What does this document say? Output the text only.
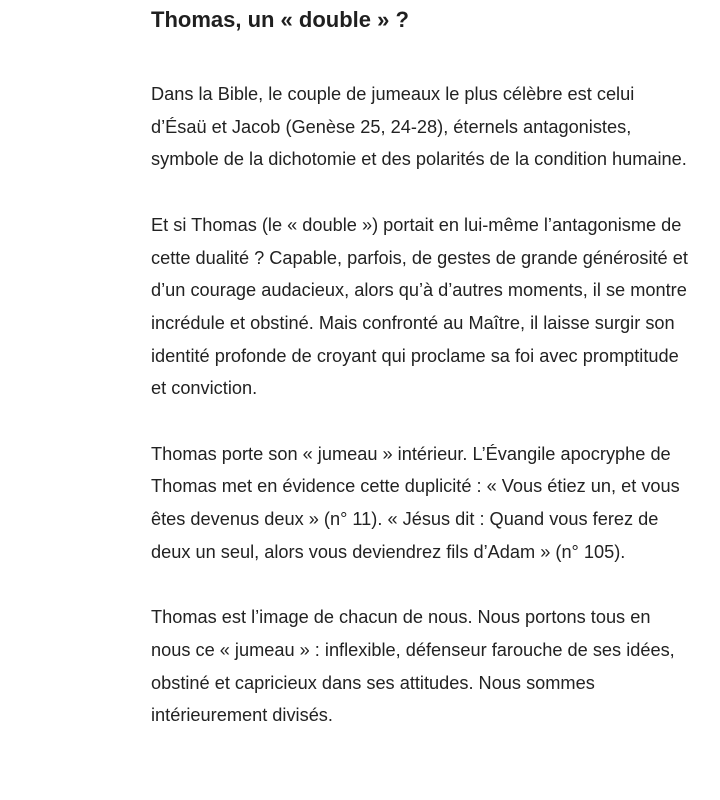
Thomas, un « double » ?

Dans la Bible, le couple de jumeaux le plus célèbre est celui d’Ésaü et Jacob (Genèse 25, 24-28), éternels antagonistes, symbole de la dichotomie et des polarités de la condition humaine.

Et si Thomas (le « double ») portait en lui-même l’antagonisme de cette dualité ? Capable, parfois, de gestes de grande générosité et d’un courage audacieux, alors qu’à d’autres moments, il se montre incrédule et obstiné. Mais confronté au Maître, il laisse surgir son identité profonde de croyant qui proclame sa foi avec promptitude et conviction.

Thomas porte son « jumeau » intérieur. L’Évangile apocryphe de Thomas met en évidence cette duplicité : « Vous étiez un, et vous êtes devenus deux » (n° 11). « Jésus dit : Quand vous ferez de deux un seul, alors vous deviendrez fils d’Adam » (n° 105).

Thomas est l’image de chacun de nous. Nous portons tous en nous ce « jumeau » : inflexible, défenseur farouche de ses idées, obstiné et capricieux dans ses attitudes. Nous sommes intérieurement divisés.
